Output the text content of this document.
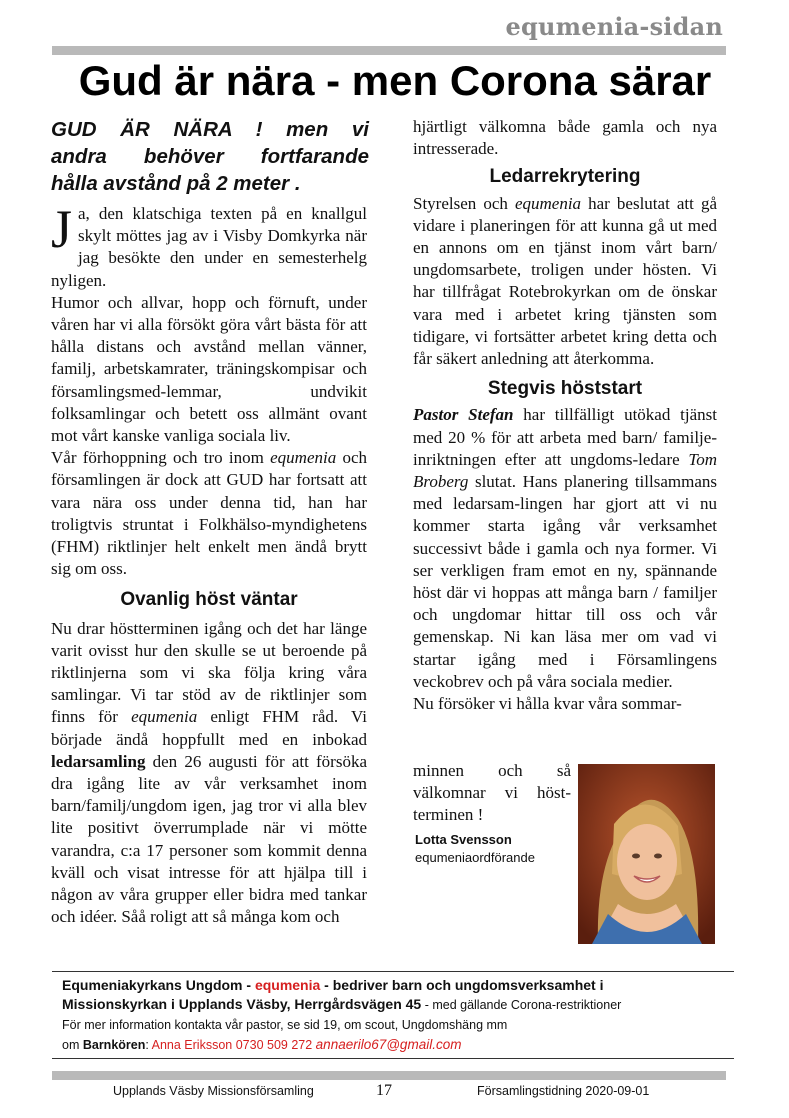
equmenia-sidan
Gud är nära - men Corona särar
GUD ÄR NÄRA ! men vi
andra behöver fortfarande
hålla avstånd på 2 meter .

Ja, den klatschiga texten på en knallgul skylt möttes jag av i Visby Domkyrka när jag besökte den under en semesterhelg nyligen.

Humor och allvar, hopp och förnuft, under våren har vi alla försökt göra vårt bästa för att hålla distans och avstånd mellan vänner, familj, arbetskamrater, träningskompisar och församlingsmed-lemmar, undvikit folksamlingar och betett oss allmänt ovant mot vårt kanske vanliga sociala liv.

Vår förhoppning och tro inom equmenia och församlingen är dock att GUD har fortsatt att vara nära oss under denna tid, han har troligtvis struntat i Folkhälso-myndighetens (FHM) riktlinjer helt enkelt men ändå brytt sig om oss.

Ovanlig höst väntar

Nu drar höstterminen igång och det har länge varit ovisst hur den skulle se ut beroende på riktlinjerna som vi ska följa kring våra samlingar. Vi tar stöd av de riktlinjer som finns för equmenia enligt FHM råd. Vi började ändå hoppfullt med en inbokad ledarsamling den 26 augusti för att försöka dra igång lite av vår verksamhet inom barn/familj/ungdom igen, jag tror vi alla blev lite positivt överrumplade när vi mötte varandra, c:a 17 personer som kommit denna kväll och visat intresse för att hjälpa till i någon av våra grupper eller bidra med tankar och idéer. Såå roligt att så många kom och

hjärtligt välkomna både gamla och nya intresserade.

Ledarrekrytering

Styrelsen och equmenia har beslutat att gå vidare i planeringen för att kunna gå ut med en annons om en tjänst inom vårt barn/ ungdomsarbete, troligen under hösten. Vi har tillfrågat Rotebrokyrkan om de önskar vara med i arbetet kring tjänsten som tidigare, vi fortsätter arbetet kring detta och får säkert anledning att återkomma.

Stegvis höststart

Pastor Stefan har tillfälligt utökad tjänst med 20 % för att arbeta med barn/ familje-inriktningen efter att ungdoms-ledare Tom Broberg slutat. Hans planering tillsammans med ledarsam-lingen har gjort att vi nu kommer starta igång vår verksamhet successivt både i gamla och nya former. Vi ser verkligen fram emot en ny, spännande höst där vi hoppas att många barn / familjer och ungdomar hittar till oss och vår gemenskap. Ni kan läsa mer om vad vi startar igång med i Församlingens veckobrev och på våra sociala medier.

Nu försöker vi hålla kvar våra sommar-

minnen och så välkomnar vi höst-terminen !
Lotta Svensson
equmeniaordförande
Equmeniakyrkans Ungdom - equmenia - bedriver barn och ungdomsverksamhet i
Missionskyrkan i Upplands Väsby, Herrgårdsvägen 45 - med gällande Corona-restriktioner
För mer information kontakta vår pastor, se sid 19, om scout, Ungdomshäng mm
om Barnkören: Anna Eriksson 0730 509 272 annaerilo67@gmail.com
Upplands Väsby Missionsförsamling	17	Församlingstidning 2020-09-01
